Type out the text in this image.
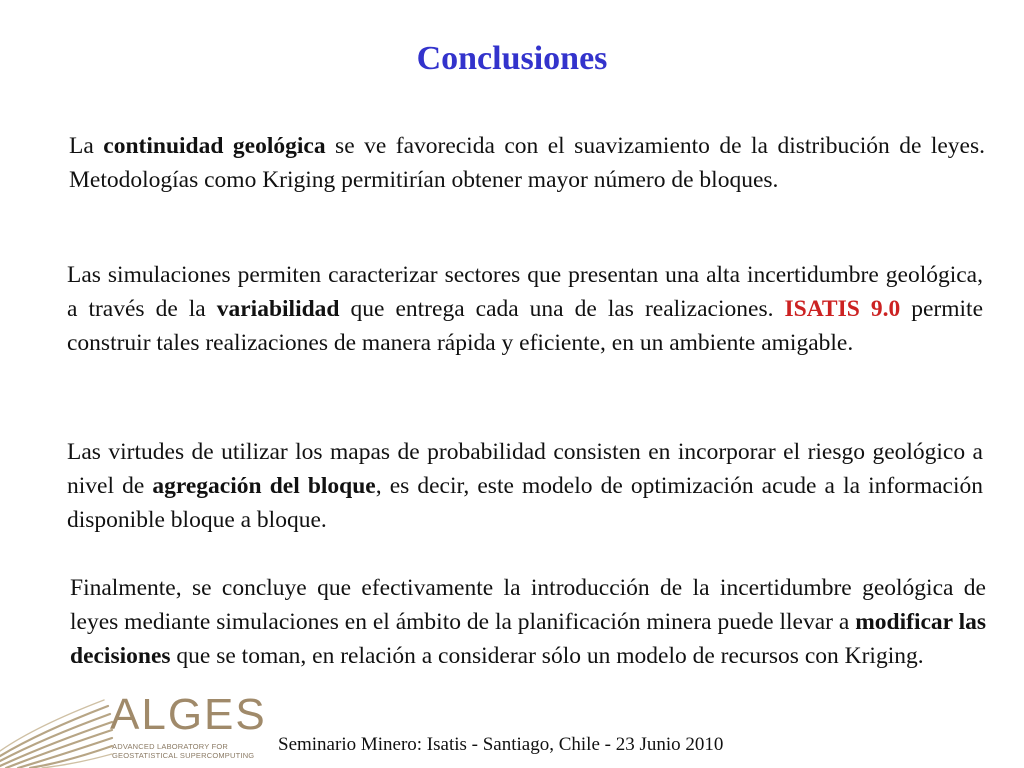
Conclusiones

La continuidad geológica se ve favorecida con el suavizamiento de la distribución de leyes. Metodologías como Kriging permitirían obtener mayor número de bloques.

Las simulaciones permiten caracterizar sectores que presentan una alta incertidumbre geológica, a través de la variabilidad que entrega cada una de las realizaciones. ISATIS 9.0 permite construir tales realizaciones de manera rápida y eficiente, en un ambiente amigable.

Las virtudes de utilizar los mapas de probabilidad consisten en incorporar el riesgo geológico a nivel de agregación del bloque, es decir, este modelo de optimización acude a la información disponible bloque a bloque.

Finalmente, se concluye que efectivamente la introducción de la incertidumbre geológica de leyes mediante simulaciones en el ámbito de la planificación minera puede llevar a modificar las decisiones que se toman, en relación a considerar sólo un modelo de recursos con Kriging.

ALGES
ADVANCED LABORATORY FOR
GEOSTATISTICAL SUPERCOMPUTING
Seminario Minero: Isatis - Santiago, Chile - 23 Junio 2010
